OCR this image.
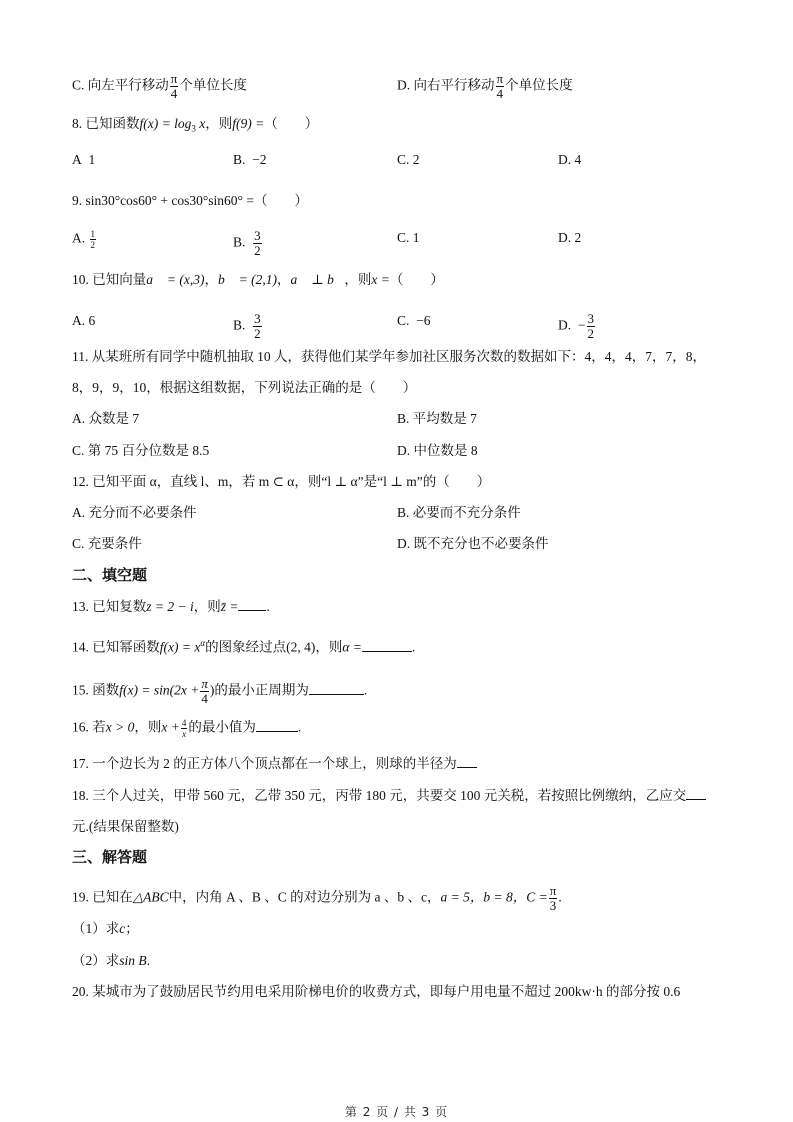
C. 向左平行移动 $\frac{\pi}{4}$ 个单位长度	D. 向右平行移动 $\frac{\pi}{4}$ 个单位长度
8. 已知函数$f(x) = \log_3 x$，则f(9) =（　　）
A 1	B. −2	C. 2	D. 4
9. sin30°cos60° + cos30°sin60° =（　　）
A. $\frac{1}{2}$	B. $\frac{3}{2}$	C. 1	D. 2
10. 已知向量a⃗ = (x,3)，b⃗ = (2,1)，a⃗ ⊥ b⃗，则x =（　　）
A. 6	B. $\frac{3}{2}$	C. −6	D. − $\frac{3}{2}$
11. 从某班所有同学中随机抽取 10 人，获得他们某学年参加社区服务次数的数据如下：4，4，4，7，7，8，
8，9，9，10，根据这组数据，下列说法正确的是（　　）
A. 众数是 7	B. 平均数是 7
C. 第 75 百分位数是 8.5	D. 中位数是 8
12. 已知平面 α，直线 l、m，若 m ⊂ α，则“l ⊥ α”是“l ⊥ m”的（　　）
A. 充分而不必要条件	B. 必要而不充分条件
C. 充要条件	D. 既不充分也不必要条件
二、填空题
13. 已知复数z = 2 − i，则z̄ = .
14. 已知幂函数$f(x) = x^\alpha$的图象经过点(2, 4)，则α =	.
15. 函数$f(x) = \sin(2x + \frac{\pi}{4}$ )的最小正周期为	.
16. 若x > 0，则$x + \frac{4}{x}$ 的最小值为	.
17. 一个边长为 2 的正方体八个顶点都在一个球上，则球的半径为
18. 三个人过关，甲带 560 元，乙带 350 元，丙带 180 元，共要交 100 元关税，若按照比例缴纳，乙应交
元.(结果保留整数)
三、解答题
19. 已知在△ABC中，内角 A 、B 、C 的对边分别为 a 、b 、c，a = 5，b = 8，$C = \frac{\pi}{3}$ .
（1）求c；
（2）求sin B.
20. 某城市为了鼓励居民节约用电采用阶梯电价的收费方式，即每户用电量不超过 200kw·h 的部分按 0.6
第 2 页 / 共 3 页
